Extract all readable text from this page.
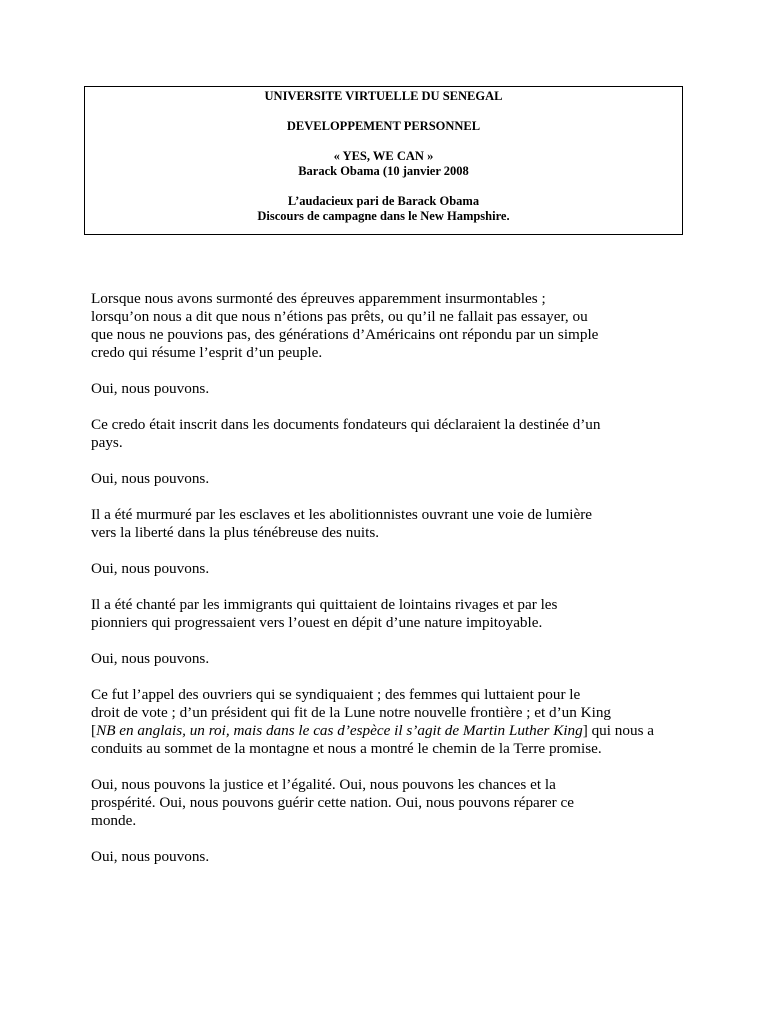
UNIVERSITE VIRTUELLE DU SENEGAL
DEVELOPPEMENT PERSONNEL
« YES, WE CAN »
Barack Obama (10 janvier 2008
L’audacieux pari de Barack Obama
Discours de campagne dans le New Hampshire.

Lorsque nous avons surmonté des épreuves apparemment insurmontables ;
lorsqu’on nous a dit que nous n’étions pas prêts, ou qu’il ne fallait pas essayer, ou
que nous ne pouvions pas, des générations d’Américains ont répondu par un simple
credo qui résume l’esprit d’un peuple.

Oui, nous pouvons.

Ce credo était inscrit dans les documents fondateurs qui déclaraient la destinée d’un
pays.

Oui, nous pouvons.

Il a été murmuré par les esclaves et les abolitionnistes ouvrant une voie de lumière
vers la liberté dans la plus ténébreuse des nuits.

Oui, nous pouvons.

Il a été chanté par les immigrants qui quittaient de lointains rivages et par les
pionniers qui progressaient vers l’ouest en dépit d’une nature impitoyable.

Oui, nous pouvons.

Ce fut l’appel des ouvriers qui se syndiquaient ; des femmes qui luttaient pour le
droit de vote ; d’un président qui fit de la Lune notre nouvelle frontière ; et d’un King
[NB en anglais, un roi, mais dans le cas d’espèce il s’agit de Martin Luther King] qui nous a
conduits au sommet de la montagne et nous a montré le chemin de la Terre promise.

Oui, nous pouvons la justice et l’égalité. Oui, nous pouvons les chances et la
prospérité. Oui, nous pouvons guérir cette nation. Oui, nous pouvons réparer ce
monde.

Oui, nous pouvons.
